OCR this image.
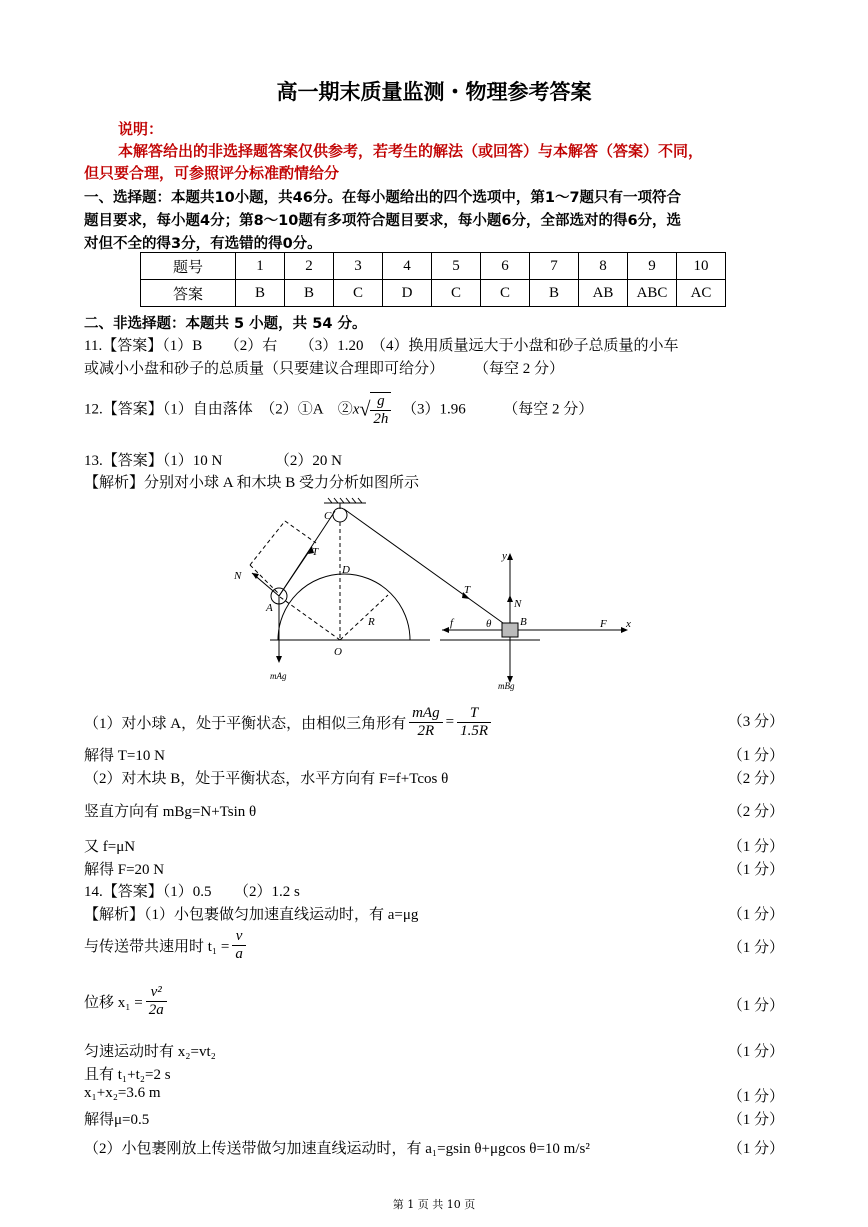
高一期末质量监测・物理参考答案
说明：
本解答给出的非选择题答案仅供参考，若考生的解法（或回答）与本解答（答案）不同，
但只要合理，可参照评分标准酌情给分
一、选择题：本题共10小题，共46分。在每小题给出的四个选项中，第1～7题只有一项符合
题目要求，每小题4分；第8～10题有多项符合题目要求，每小题6分，全部选对的得6分，选
对但不全的得3分，有选错的得0分。
题号	1	2	3	4	5	6	7	8	9	10
答案	B	B	C	D	C	C	B	AB	ABC	AC
二、非选择题：本题共 5 小题，共 54 分。
11.【答案】（1）B　　（2）右　　（3）1.20　（4）换用质量远大于小盘和砂子总质量的小车
或减小小盘和砂子的总质量（只要建议合理即可给分）　　　（每空 2 分）
12.【答案】（1）自由落体　（2）①A　②x√ $\frac{g}{2h}$
　 （3）1.96　　　（每空 2 分）
13.【答案】（1）10 N　　　　（2）20 N
【解析】分别对小球 A 和木块 B 受力分析如图所示
C
T
N
A
D
R
O
mAg
y
T
N
f	θ	B	F x
mBg
（1）对小球 A，处于平衡状态，由相似三角形有 $\frac{\text{mAg}}{2R} = \frac{T}{1.5R}$	（3 分）
解得 T=10 N	（1 分）
（2）对木块 B，处于平衡状态，水平方向有 F=f+Tcos θ	（2 分）
竖直方向有 mBg=N+Tsin θ	（2 分）
又 f=μN	（1 分）
解得 F=20 N	（1 分）
14.【答案】（1）0.5　　（2）1.2 s
【解析】（1）小包裹做匀加速直线运动时，有 a=μg	（1 分）
与传送带共速用时 $t_1 = \frac{v}{a}$	（1 分）
位移 $x_1 = \frac{\text{v²}}{2a}$	（1 分）
匀速运动时有 x₂=vt₂	（1 分）
且有 t₁+t₂=2 s
x₁+x₂=3.6 m	（1 分）
解得μ=0.5	（1 分）
（2）小包裹刚放上传送带做匀加速直线运动时，有 a₁=gsin θ+μgcos θ=10 m/s²	（1 分）
第 1 页 共 10 页
